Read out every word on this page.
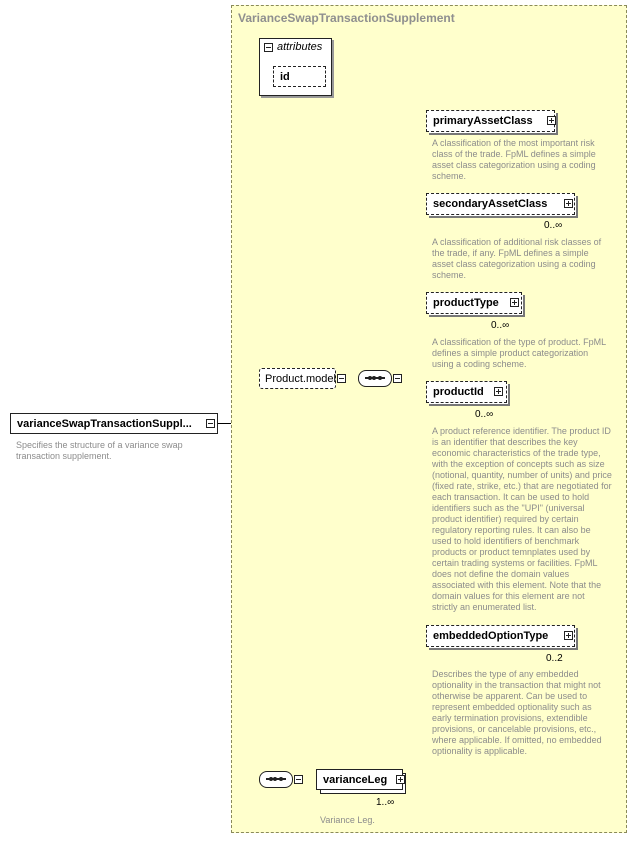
varianceSwapTransactionSuppl...
Specifies the structure of a variance swap transaction supplement.
VarianceSwapTransactionSupplement
attributes
id
Product.model
primaryAssetClass
A classification of the most important risk class of the trade. FpML defines a simple asset class categorization using a coding scheme.
secondaryAssetClass
0..∞
A classification of additional risk classes of the trade, if any. FpML defines a simple asset class categorization using a coding scheme.
productType
0..∞
A classification of the type of product. FpML defines a simple product categorization using a coding scheme.
productId
0..∞
A product reference identifier. The product ID is an identifier that describes the key economic characteristics of the trade type, with the exception of concepts such as size (notional, quantity, number of units) and price (fixed rate, strike, etc.) that are negotiated for each transaction. It can be used to hold identifiers such as the "UPI" (universal product identifier) required by certain regulatory reporting rules. It can also be used to hold identifiers of benchmark products or product temnplates used by certain trading systems or facilities. FpML does not define the domain values associated with this element. Note that the domain values for this element are not strictly an enumerated list.
embeddedOptionType
0..2
Describes the type of any embedded optionality in the transaction that might not otherwise be apparent. Can be used to represent embedded optionality such as early termination provisions, extendible provisions, or cancelable provisions, etc., where applicable. If omitted, no embedded optionality is applicable.
varianceLeg
1..∞
Variance Leg.
